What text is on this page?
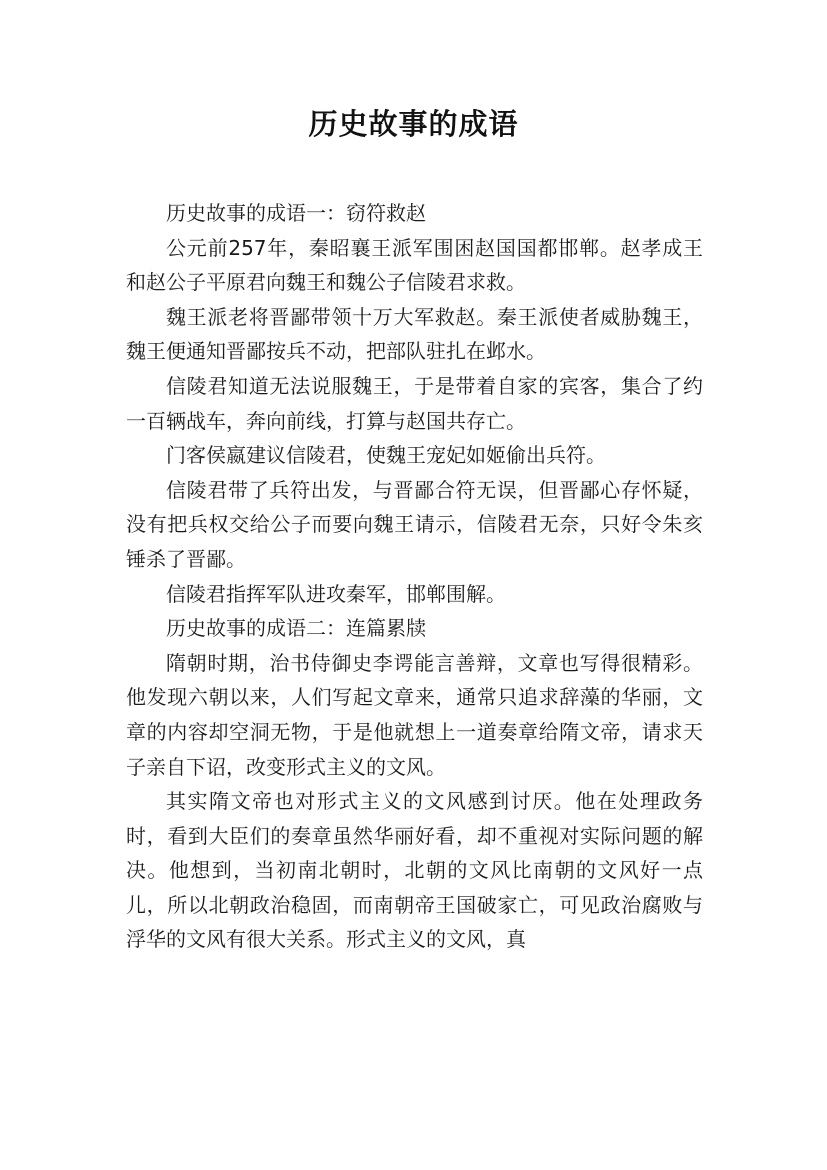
历史故事的成语

历史故事的成语一：窃符救赵

公元前257年，秦昭襄王派军围困赵国国都邯郸。赵孝成王和赵公子平原君向魏王和魏公子信陵君求救。

魏王派老将晋鄙带领十万大军救赵。秦王派使者威胁魏王，魏王便通知晋鄙按兵不动，把部队驻扎在邺水。

信陵君知道无法说服魏王，于是带着自家的宾客，集合了约一百辆战车，奔向前线，打算与赵国共存亡。

门客侯嬴建议信陵君，使魏王宠妃如姬偷出兵符。

信陵君带了兵符出发，与晋鄙合符无误，但晋鄙心存怀疑，没有把兵权交给公子而要向魏王请示，信陵君无奈，只好令朱亥锤杀了晋鄙。

信陵君指挥军队进攻秦军，邯郸围解。

历史故事的成语二：连篇累牍

隋朝时期，治书侍御史李谔能言善辩，文章也写得很精彩。他发现六朝以来，人们写起文章来，通常只追求辞藻的华丽，文章的内容却空洞无物，于是他就想上一道奏章给隋文帝，请求天子亲自下诏，改变形式主义的文风。

其实隋文帝也对形式主义的文风感到讨厌。他在处理政务时，看到大臣们的奏章虽然华丽好看，却不重视对实际问题的解决。他想到，当初南北朝时，北朝的文风比南朝的文风好一点儿，所以北朝政治稳固，而南朝帝王国破家亡，可见政治腐败与浮华的文风有很大关系。形式主义的文风，真
